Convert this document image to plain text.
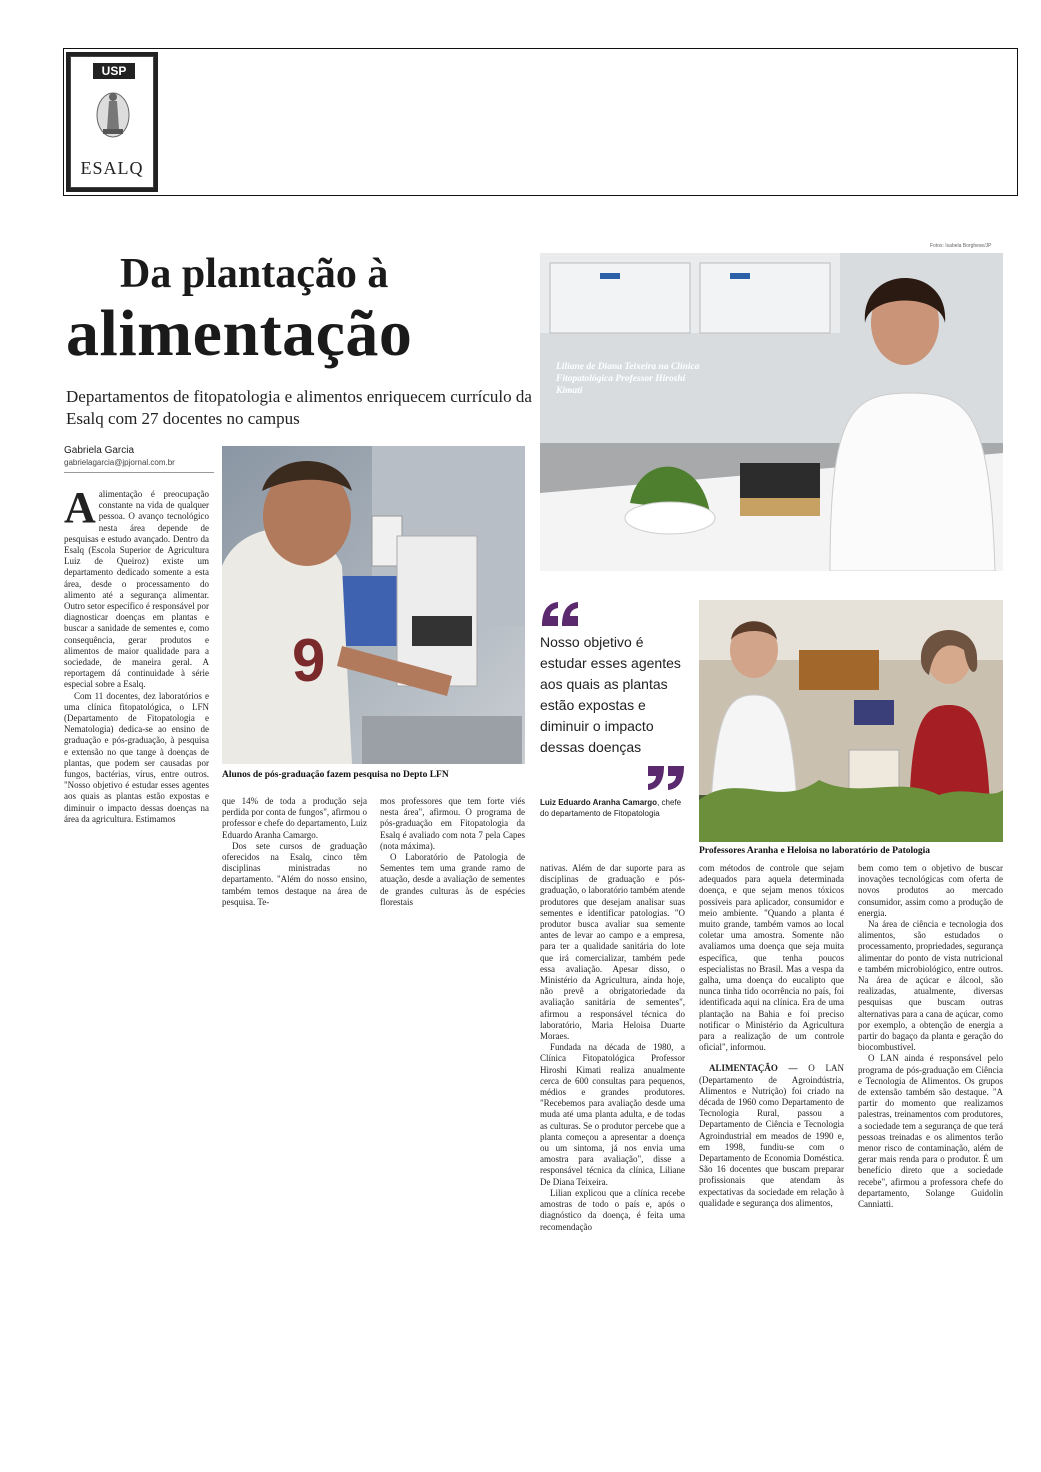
USP
ESALQ
Fotos: Isabela Borghese/JP
Da plantação à
alimentação
Departamentos de fitopatologia e alimentos enriquecem currículo da Esalq com 27 docentes no campus
Gabriela Garcia
gabrielagarcia@jpjornal.com.br
9
Alunos de pós-graduação fazem pesquisa no Depto LFN
Liliane de Diana Teixeira na Clínica Fitopatológica Professor Hiroshi Kimati
Nosso objetivo é estudar esses agentes aos quais as plantas estão expostas e diminuir o impacto dessas doenças
Luiz Eduardo Aranha Camargo, chefe do departamento de Fitopatologia
Professores Aranha e Heloisa no laboratório de Patologia

Aalimentação é preocupação constante na vida de qualquer pessoa. O avanço tecnológico nesta área depende de pesquisas e estudo avançado. Dentro da Esalq (Escola Superior de Agricultura Luiz de Queiroz) existe um departamento dedicado somente a esta área, desde o processamento do alimento até a segurança alimentar. Outro setor específico é responsável por diagnosticar doenças em plantas e buscar a sanidade de sementes e, como consequência, gerar produtos e alimentos de maior qualidade para a sociedade, de maneira geral. A reportagem dá continuidade à série especial sobre a Esalq.

Com 11 docentes, dez laboratórios e uma clínica fitopatológica, o LFN (Departamento de Fitopatologia e Nematologia) dedica-se ao ensino de graduação e pós-graduação, à pesquisa e extensão no que tange à doenças de plantas, que podem ser causadas por fungos, bactérias, vírus, entre outros. "Nosso objetivo é estudar esses agentes aos quais as plantas estão expostas e diminuir o impacto dessas doenças na área da agricultura. Estimamos

que 14% de toda a produção seja perdida por conta de fungos", afirmou o professor e chefe do departamento, Luiz Eduardo Aranha Camargo.

Dos sete cursos de graduação oferecidos na Esalq, cinco têm disciplinas ministradas no departamento. "Além do nosso ensino, também temos destaque na área de pesquisa. Te-

mos professores que tem forte viés nesta área", afirmou. O programa de pós-graduação em Fitopatologia da Esalq é avaliado com nota 7 pela Capes (nota máxima).

O Laboratório de Patologia de Sementes tem uma grande ramo de atuação, desde a avaliação de sementes de grandes culturas às de espécies florestais

nativas. Além de dar suporte para as disciplinas de graduação e pós-graduação, o laboratório também atende produtores que desejam analisar suas sementes e identificar patologias. "O produtor busca avaliar sua semente antes de levar ao campo e a empresa, para ter a qualidade sanitária do lote que irá comercializar, também pede essa avaliação. Apesar disso, o Ministério da Agricultura, ainda hoje, não prevê a obrigatoriedade da avaliação sanitária de sementes", afirmou a responsável técnica do laboratório, Maria Heloisa Duarte Moraes.

Fundada na década de 1980, a Clínica Fitopatológica Professor Hiroshi Kimati realiza anualmente cerca de 600 consultas para pequenos, médios e grandes produtores. "Recebemos para avaliação desde uma muda até uma planta adulta, e de todas as culturas. Se o produtor percebe que a planta começou a apresentar a doença ou um sintoma, já nos envia uma amostra para avaliação", disse a responsável técnica da clínica, Liliane De Diana Teixeira.

Lilian explicou que a clínica recebe amostras de todo o país e, após o diagnóstico da doença, é feita uma recomendação

com métodos de controle que sejam adequados para aquela determinada doença, e que sejam menos tóxicos possíveis para aplicador, consumidor e meio ambiente. "Quando a planta é muito grande, também vamos ao local coletar uma amostra. Somente não avaliamos uma doença que seja muita específica, que tenha poucos especialistas no Brasil. Mas a vespa da galha, uma doença do eucalipto que nunca tinha tido ocorrência no país, foi identificada aqui na clínica. Era de uma plantação na Bahia e foi preciso notificar o Ministério da Agricultura para a realização de um controle oficial", informou.

ALIMENTAÇÃO — O LAN (Departamento de Agroindústria, Alimentos e Nutrição) foi criado na década de 1960 como Departamento de Tecnologia Rural, passou a Departamento de Ciência e Tecnologia Agroindustrial em meados de 1990 e, em 1998, fundiu-se com o Departamento de Economia Doméstica. São 16 docentes que buscam preparar profissionais que atendam às expectativas da sociedade em relação à qualidade e segurança dos alimentos,

bem como tem o objetivo de buscar inovações tecnológicas com oferta de novos produtos ao mercado consumidor, assim como a produção de energia.

Na área de ciência e tecnologia dos alimentos, são estudados o processamento, propriedades, segurança alimentar do ponto de vista nutricional e também microbiológico, entre outros. Na área de açúcar e álcool, são realizadas, atualmente, diversas pesquisas que buscam outras alternativas para a cana de açúcar, como por exemplo, a obtenção de energia a partir do bagaço da planta e geração do biocombustível.

O LAN ainda é responsável pelo programa de pós-graduação em Ciência e Tecnologia de Alimentos. Os grupos de extensão também são destaque. "A partir do momento que realizamos palestras, treinamentos com produtores, a sociedade tem a segurança de que terá pessoas treinadas e os alimentos terão menor risco de contaminação, além de gerar mais renda para o produtor. É um benefício direto que a sociedade recebe", afirmou a professora chefe do departamento, Solange Guidolin Canniatti.
